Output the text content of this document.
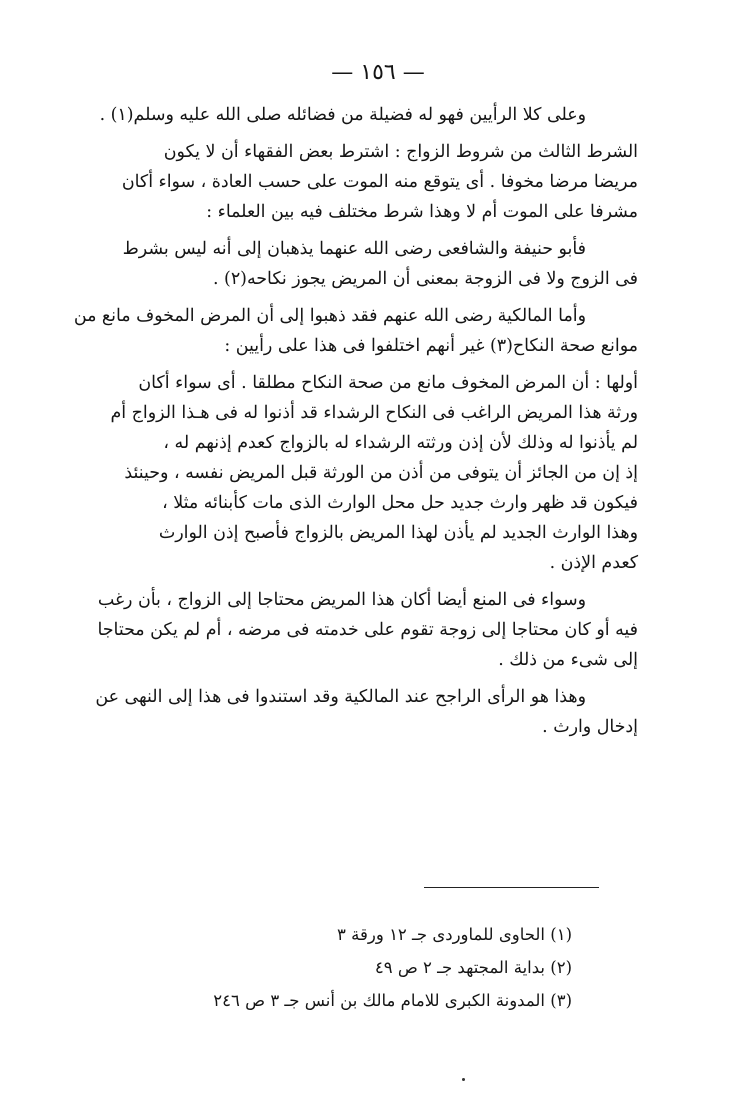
— ١٥٦ —

وعلى كلا الرأيين فهو له فضيلة من فضائله صلى الله عليه وسلم(١) .

الشرط الثالث من شروط الزواج : اشترط بعض الفقهاء أن لا يكون
مريضا مرضا مخوفا . أى يتوقع منه الموت على حسب العادة ، سواء أكان
مشرفا على الموت أم لا وهذا شرط مختلف فيه بين العلماء :

فأبو حنيفة والشافعى رضى الله عنهما يذهبان إلى أنه ليس بشرط
فى الزوج ولا فى الزوجة بمعنى أن المريض يجوز نكاحه(٢) .

وأما المالكية رضى الله عنهم فقد ذهبوا إلى أن المرض المخوف مانع من
موانع صحة النكاح(٣) غير أنهم اختلفوا فى هذا على رأيين :

أولها : أن المرض المخوف مانع من صحة النكاح مطلقا . أى سواء أكان
ورثة هذا المريض الراغب فى النكاح الرشداء قد أذنوا له فى هـذا الزواج أم
لم يأذنوا له وذلك لأن إذن ورثته الرشداء له بالزواج كعدم إذنهم له ،
إذ إن من الجائز أن يتوفى من أذن من الورثة قبل المريض نفسه ، وحينئذ
فيكون قد ظهر وارث جديد حل محل الوارث الذى مات كأبنائه مثلا ،
وهذا الوارث الجديد لم يأذن لهذا المريض بالزواج فأصبح إذن الوارث
كعدم الإذن .

وسواء فى المنع أيضا أكان هذا المريض محتاجا إلى الزواج ، بأن رغب
فيه أو كان محتاجا إلى زوجة تقوم على خدمته فى مرضه ، أم لم يكن محتاجا
إلى شىء من ذلك .

وهذا هو الرأى الراجح عند المالكية وقد استندوا فى هذا إلى النهى عن
إدخال وارث .

(١) الحاوى للماوردى جـ ١٢ ورقة ٣
(٢) بداية المجتهد جـ ٢ ص ٤٩
(٣) المدونة الكبرى للامام مالك بن أنس جـ ٣ ص ٢٤٦
